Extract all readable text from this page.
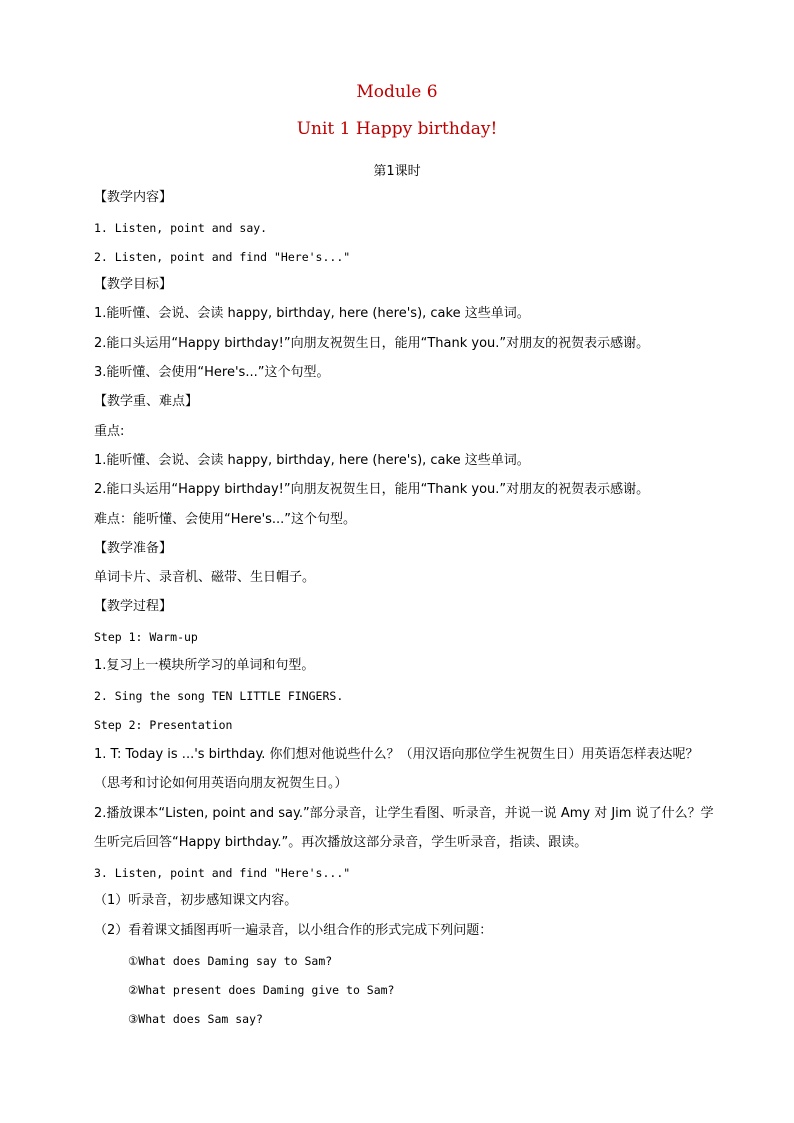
Module 6
Unit 1 Happy birthday!
第1课时
【教学内容】
1. Listen, point and say.
2. Listen, point and find "Here's..."
【教学目标】
1.能听懂、会说、会读 happy, birthday, here (here's), cake 这些单词。
2.能口头运用“Happy birthday!”向朋友祝贺生日，能用“Thank you.”对朋友的祝贺表示感谢。
3.能听懂、会使用“Here's...”这个句型。
【教学重、难点】
重点:
1.能听懂、会说、会读 happy, birthday, here (here's), cake 这些单词。
2.能口头运用“Happy birthday!”向朋友祝贺生日，能用“Thank you.”对朋友的祝贺表示感谢。
难点：能听懂、会使用“Here's...”这个句型。
【教学准备】
单词卡片、录音机、磁带、生日帽子。
【教学过程】
Step 1: Warm-up
1.复习上一模块所学习的单词和句型。
2. Sing the song TEN LITTLE FINGERS.
Step 2: Presentation
1. T: Today is ...'s birthday. 你们想对他说些什么？（用汉语向那位学生祝贺生日）用英语怎样表达呢？（思考和讨论如何用英语向朋友祝贺生日。）
2.播放课本“Listen, point and say.”部分录音，让学生看图、听录音，并说一说 Amy 对 Jim 说了什么？学生听完后回答“Happy birthday.”。再次播放这部分录音，学生听录音，指读、跟读。
3. Listen, point and find "Here's..."
（1）听录音，初步感知课文内容。
（2）看着课文插图再听一遍录音，以小组合作的形式完成下列问题：
①What does Daming say to Sam?
②What present does Daming give to Sam?
③What does Sam say?
